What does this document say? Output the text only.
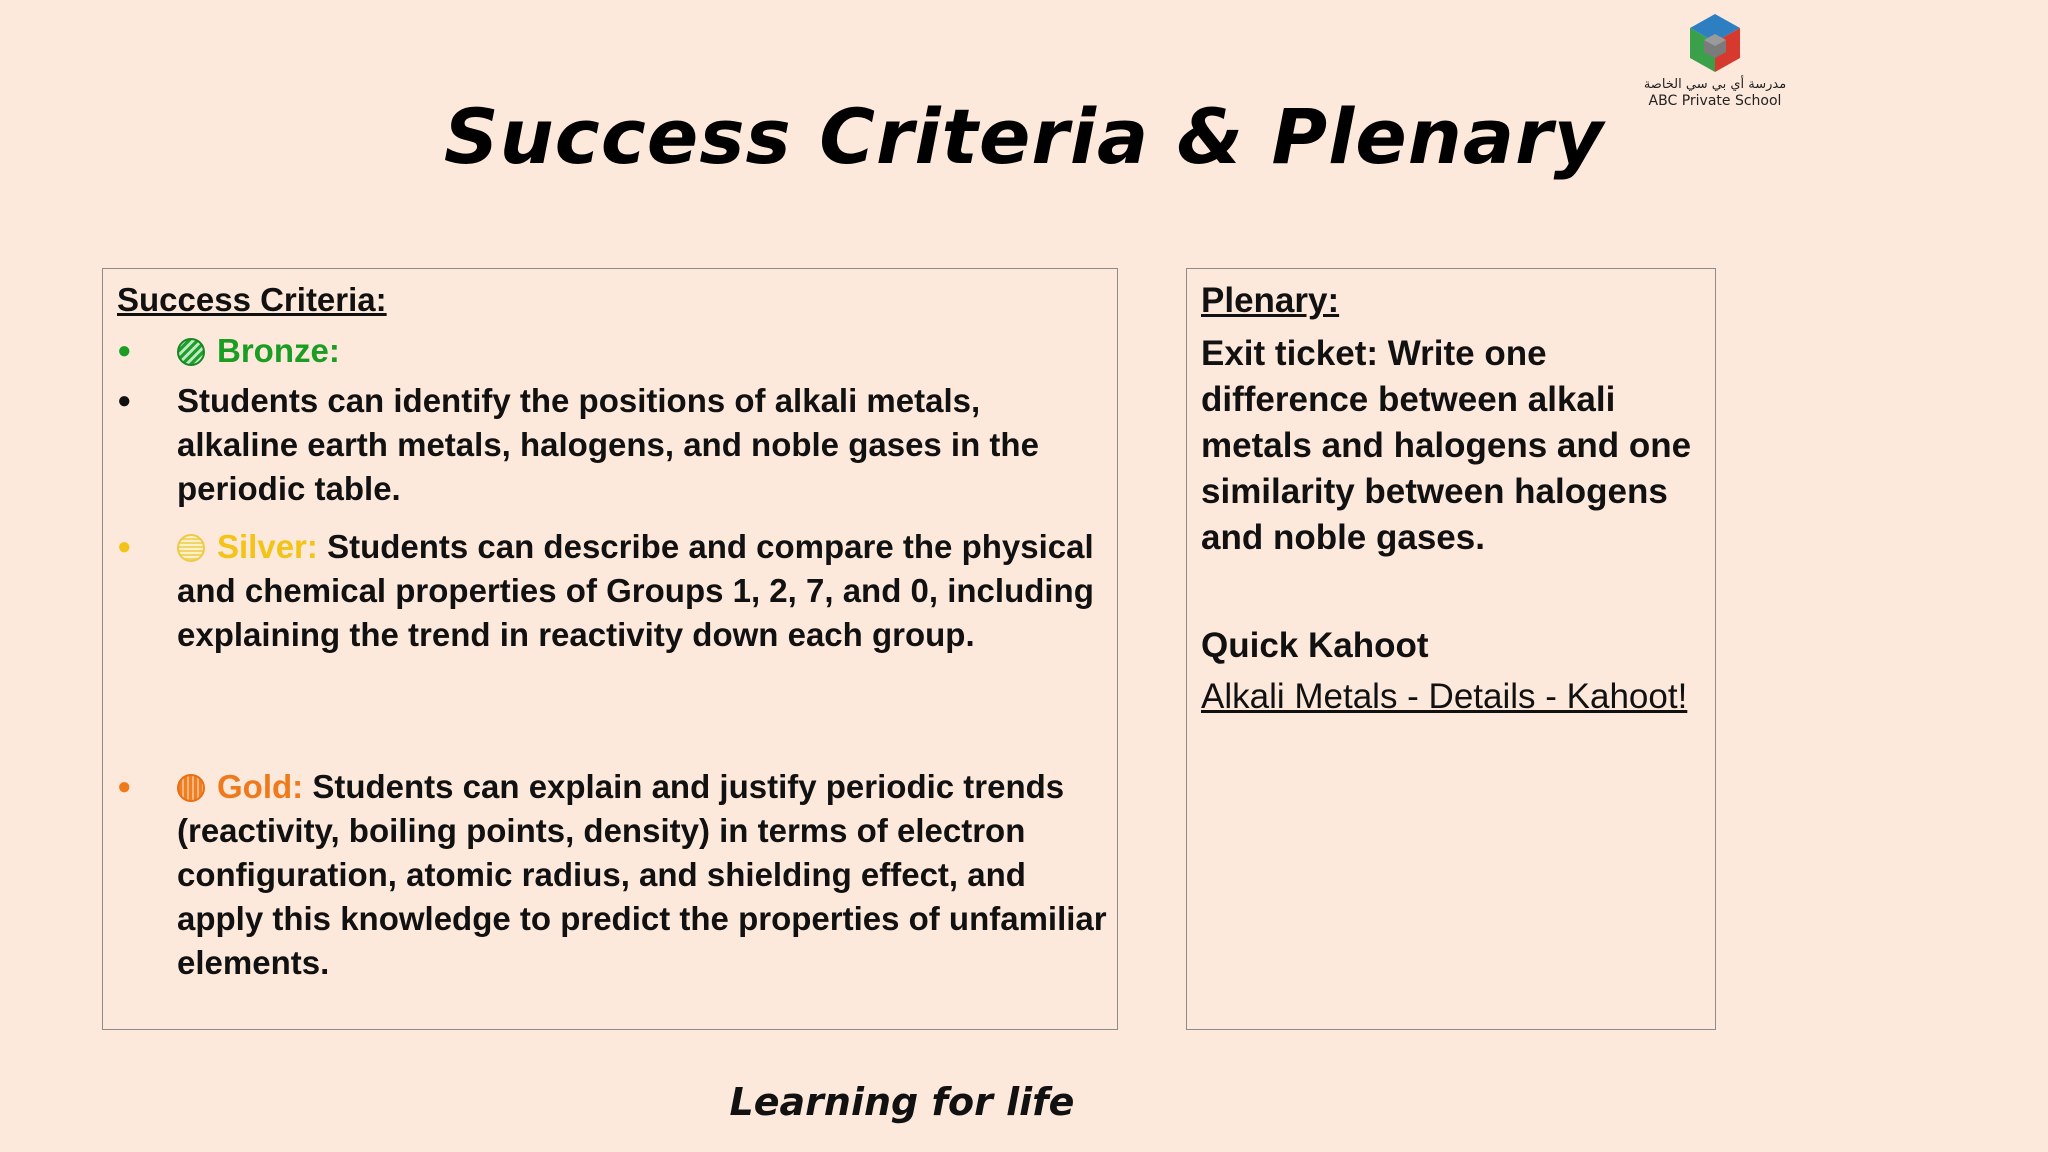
Success Criteria & Plenary
مدرسة أي بي سي الخاصة
ABC Private School
Success Criteria:
●	Bronze:
● Students can identify the positions of alkali metals, alkaline earth metals, halogens, and noble gases in the periodic table.
●	Silver: Students can describe and compare the physical and chemical properties of Groups 1, 2, 7, and 0, including explaining the trend in reactivity down each group.
●	Gold: Students can explain and justify periodic trends (reactivity, boiling points, density) in terms of electron configuration, atomic radius, and shielding effect, and apply this knowledge to predict the properties of unfamiliar elements.
Plenary:
Exit ticket: Write one difference between alkali metals and halogens and one similarity between halogens and noble gases.
Quick Kahoot
Alkali Metals - Details - Kahoot!
Learning for life
